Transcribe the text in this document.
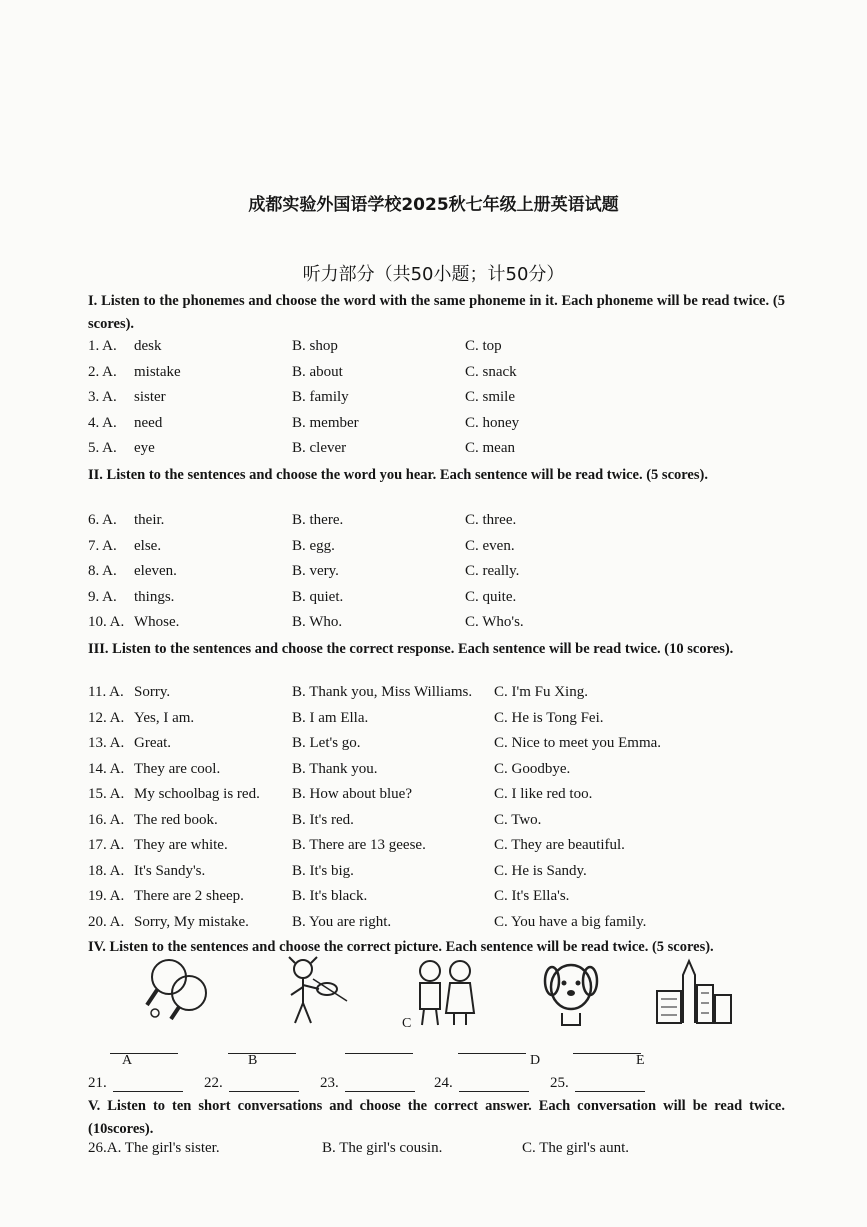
成都实验外国语学校2025秋七年级上册英语试题
听力部分（共50小题；计50分）
I. Listen to the phonemes and choose the word with the same phoneme in it. Each phoneme will be read twice. (5 scores).
1. A. desk	B. shop	C. top
2. A. mistake	B. about	C. snack
3. A. sister	B. family	C. smile
4. A. need	B. member	C. honey
5. A. eye	B. clever	C. mean
II. Listen to the sentences and choose the word you hear. Each sentence will be read twice. (5 scores).
6. A. their.	B. there.	C. three.
7. A. else.	B. egg.	C. even.
8. A. eleven.	B. very.	C. really.
9. A. things.	B. quiet.	C. quite.
10. A. Whose.	B. Who.	C. Who's.
III. Listen to the sentences and choose the correct response. Each sentence will be read twice. (10 scores).
11. A. Sorry.	B. Thank you, Miss Williams. C. I'm Fu Xing.
12. A. Yes, I am.	B. I am Ella.	C. He is Tong Fei.
13. A. Great.	B. Let's go.	C. Nice to meet you Emma.
14. A. They are cool.	B. Thank you.	C. Goodbye.
15. A. My schoolbag is red. B. How about blue?	C. I like red too.
16. A. The red book.	B. It's red.	C. Two.
17. A. They are white.	B. There are 13 geese.	C. They are beautiful.
18. A. It's Sandy's.	B. It's big.	C. He is Sandy.
19. A. There are 2 sheep.	B. It's black.	C. It's Ella's.
20. A. Sorry, My mistake.	B. You are right.	C. You have a big family.
IV. Listen to the sentences and choose the correct picture. Each sentence will be read twice. (5 scores).
A	B
C
D	E
21.	22.	23.	24.	25.
V. Listen to ten short conversations and choose the correct answer. Each conversation will be read twice. (10scores).
26.A. The girl's sister.	B. The girl's cousin.	C. The girl's aunt.
